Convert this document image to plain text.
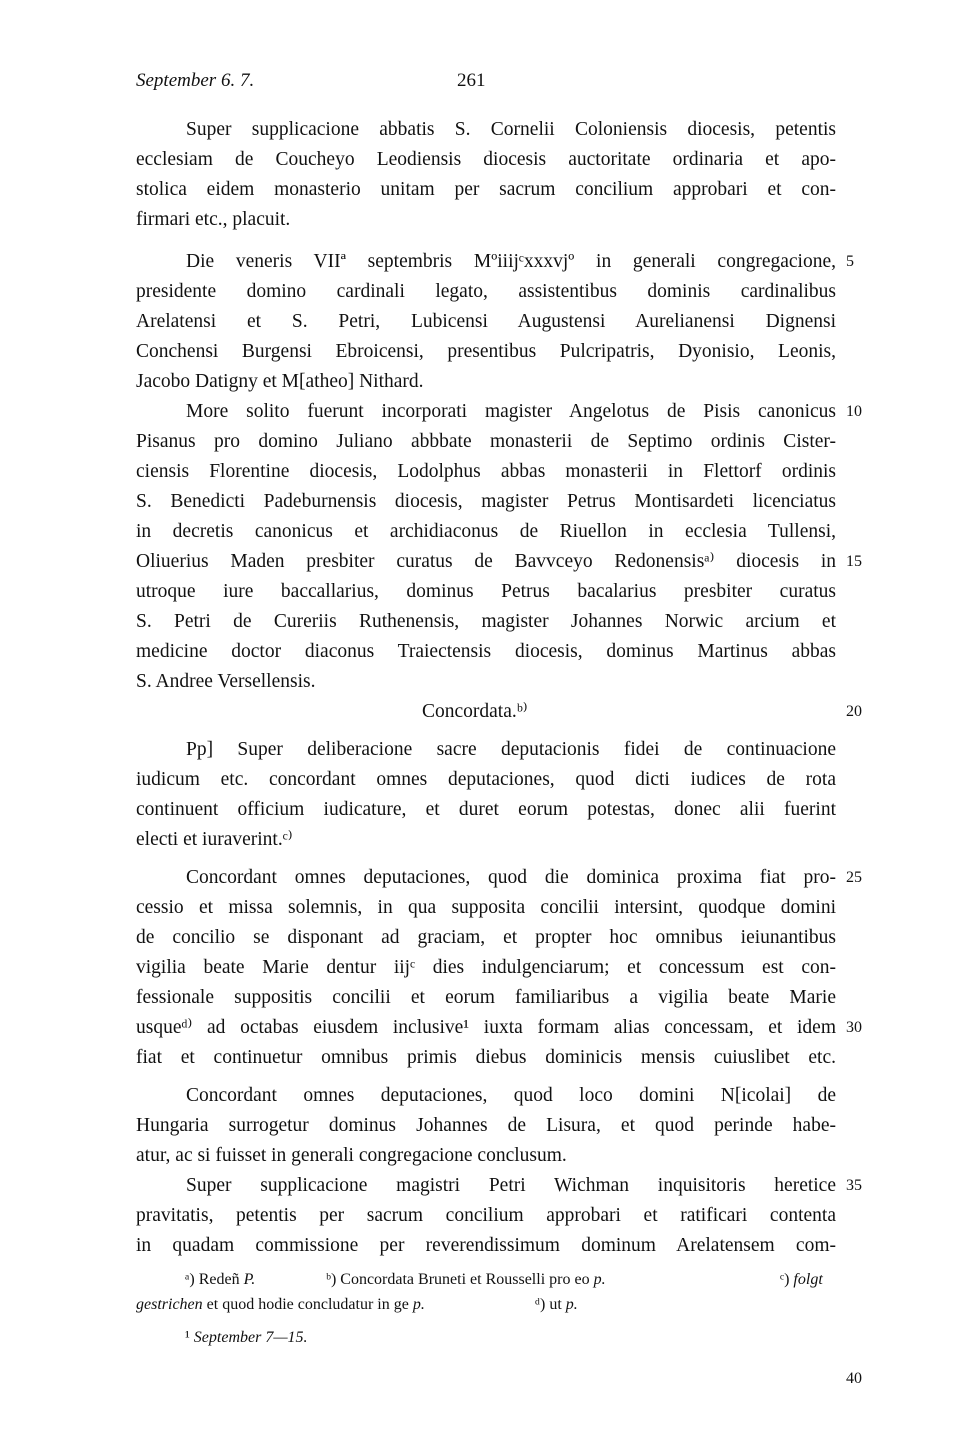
September 6. 7.	261
Super supplicacione abbatis S. Cornelii Coloniensis diocesis, petentis
ecclesiam de Coucheyo Leodiensis diocesis auctoritate ordinaria et apo-
stolica eidem monasterio unitam per sacrum concilium approbari et con-
firmari etc., placuit.
Die veneris VIIª septembris Mºiiijᶜxxxvjº in generali congregacione,
presidente domino cardinali legato, assistentibus dominis cardinalibus
Arelatensi et S. Petri, Lubicensi Augustensi Aurelianensi Dignensi
Conchensi Burgensi Ebroicensi, presentibus Pulcripatris, Dyonisio, Leonis,
Jacobo Datigny et M[atheo] Nithard.
More solito fuerunt incorporati magister Angelotus de Pisis canonicus
Pisanus pro domino Juliano abbbate monasterii de Septimo ordinis Cister-
ciensis Florentine diocesis, Lodolphus abbas monasterii in Flettorf ordinis
S. Benedicti Padeburnensis diocesis, magister Petrus Montisardeti licenciatus
in decretis canonicus et archidiaconus de Riuellon in ecclesia Tullensi,
Oliuerius Maden presbiter curatus de Bavvceyo Redonensisᵃ⁾ diocesis in
utroque iure baccallarius, dominus Petrus bacalarius presbiter curatus
S. Petri de Cureriis Ruthenensis, magister Johannes Norwic arcium et
medicine doctor diaconus Traiectensis diocesis, dominus Martinus abbas
S. Andree Versellensis.
Concordata.ᵇ⁾
Pp] Super deliberacione sacre deputacionis fidei de continuacione
iudicum etc. concordant omnes deputaciones, quod dicti iudices de rota
continuent officium iudicature, et duret eorum potestas, donec alii fuerint
electi et iuraverint.ᶜ⁾
Concordant omnes deputaciones, quod die dominica proxima fiat pro-
cessio et missa solemnis, in qua supposita concilii intersint, quodque domini
de concilio se disponant ad graciam, et propter hoc omnibus ieiunantibus
vigilia beate Marie dentur iijᶜ dies indulgenciarum; et concessum est con-
fessionale suppositis concilii et eorum familiaribus a vigilia beate Marie
usqueᵈ⁾ ad octabas eiusdem inclusive¹ iuxta formam alias concessam, et idem
fiat et continuetur omnibus primis diebus dominicis mensis cuiuslibet etc.
Concordant omnes deputaciones, quod loco domini N[icolai] de
Hungaria surrogetur dominus Johannes de Lisura, et quod perinde habe-
atur, ac si fuisset in generali congregacione conclusum.
Super supplicacione magistri Petri Wichman inquisitoris heretice
pravitatis, petentis per sacrum concilium approbari et ratificari contenta
in quadam commissione per reverendissimum dominum Arelatensem com-
5
10
15
20
25
30
35
40
ᵃ) Redeñ P.	ᵇ) Concordata Bruneti et Rousselli pro eo p.	ᶜ) folgt
gestrichen et quod hodie concludatur in ge p.	ᵈ) ut p.
¹ September 7—15.
